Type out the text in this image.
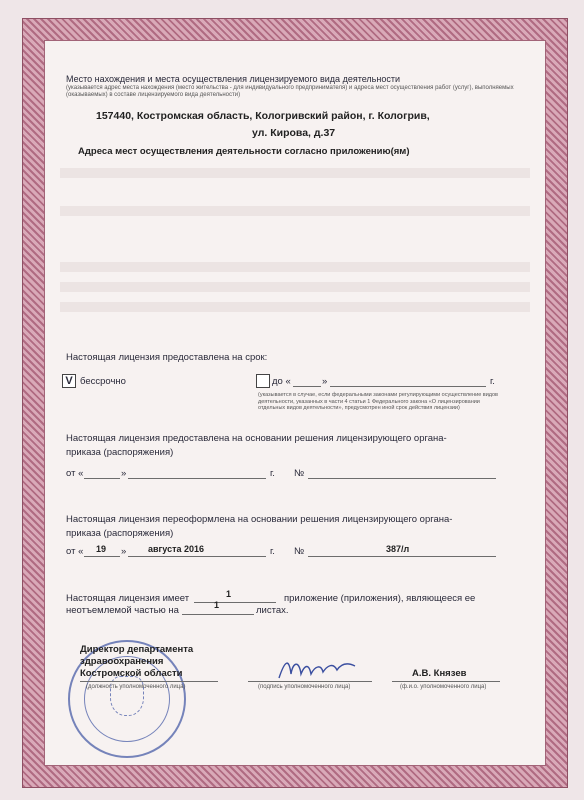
Место нахождения и места осуществления лицензируемого вида деятельности
(указывается адрес места нахождения (место жительства - для индивидуального предпринимателя) и адреса мест осуществления работ (услуг), выполняемых (оказываемых) в составе лицензируемого вида деятельности)
157440, Костромская область, Кологривский район, г. Кологрив,
ул. Кирова, д.37
Адреса мест осуществления деятельности согласно приложению(ям)
Настоящая лицензия предоставлена на срок:
V бессрочно	до «	»	г.
(указывается в случае, если федеральными законами регулирующими осуществление видов деятельности, указанных в части 4 статьи 1 Федерального закона «О лицензировании отдельных видов деятельности», предусмотрен иной срок действия лицензии)
Настоящая лицензия предоставлена на основании решения лицензирующего органа-
приказа (распоряжения)
от «	»	г. №
Настоящая лицензия переоформлена на основании решения лицензирующего органа-
приказа (распоряжения)
от « 19 » августа 2016	г. №	387/л
Настоящая лицензия имеет	1	приложение (приложения), являющееся ее
неотъемлемой частью на	1	листах.
Директор департамента
здравоохранения
Костромской области
(должность уполномоченного лица)	(подпись уполномоченного лица)
А.В. Князев
(ф.и.о. уполномоченного лица)
